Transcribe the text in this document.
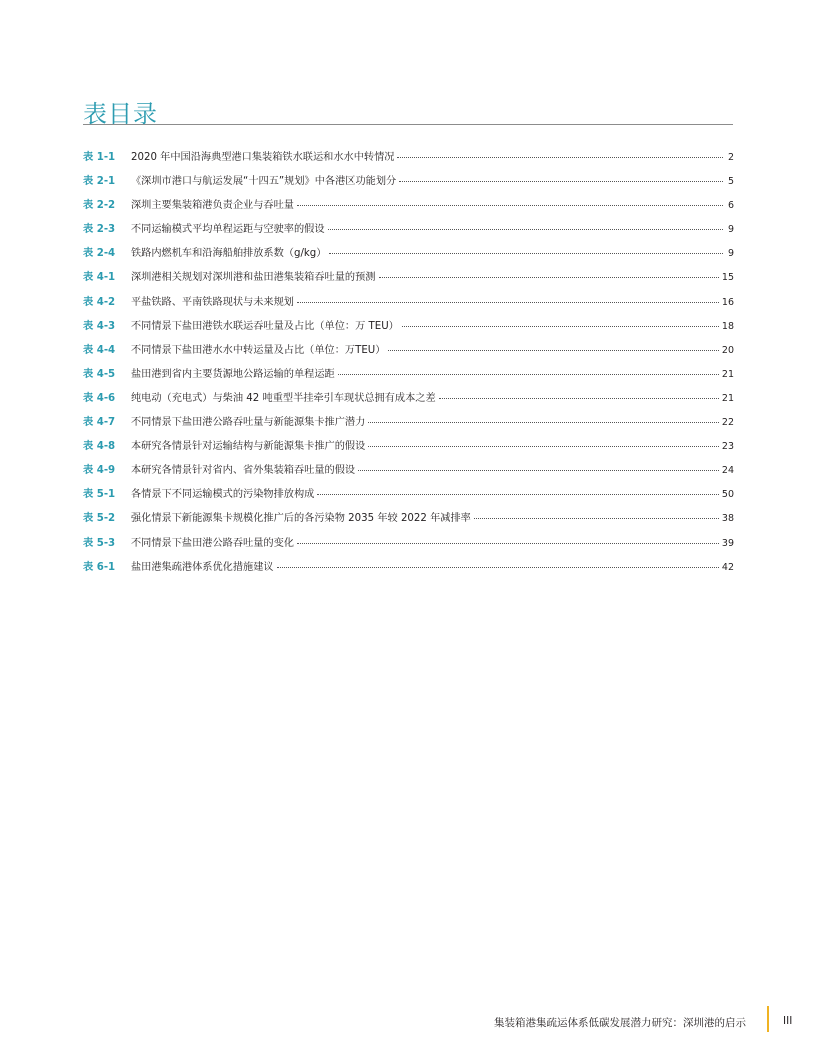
表目录
表 1-1	2020 年中国沿海典型港口集装箱铁水联运和水水中转情况	2
表 2-1	《深圳市港口与航运发展“十四五”规划》中各港区功能划分	5
表 2-2	深圳主要集装箱港负责企业与吞吐量	6
表 2-3	不同运输模式平均单程运距与空驶率的假设	9
表 2-4	铁路内燃机车和沿海船舶排放系数（g/kg）	9
表 4-1	深圳港相关规划对深圳港和盐田港集装箱吞吐量的预测	15
表 4-2	平盐铁路、平南铁路现状与未来规划	16
表 4-3	不同情景下盐田港铁水联运吞吐量及占比（单位：万 TEU）	18
表 4-4	不同情景下盐田港水水中转运量及占比（单位：万TEU）	20
表 4-5	盐田港到省内主要货源地公路运输的单程运距	21
表 4-6	纯电动（充电式）与柴油 42 吨重型半挂牵引车现状总拥有成本之差	21
表 4-7	不同情景下盐田港公路吞吐量与新能源集卡推广潜力	22
表 4-8	本研究各情景针对运输结构与新能源集卡推广的假设	23
表 4-9	本研究各情景针对省内、省外集装箱吞吐量的假设	24
表 5-1	各情景下不同运输模式的污染物排放构成	50
表 5-2	强化情景下新能源集卡规模化推广后的各污染物 2035 年较 2022 年减排率	38
表 5-3	不同情景下盐田港公路吞吐量的变化	39
表 6-1	盐田港集疏港体系优化措施建议	42
集装箱港集疏运体系低碳发展潜力研究：深圳港的启示	III
